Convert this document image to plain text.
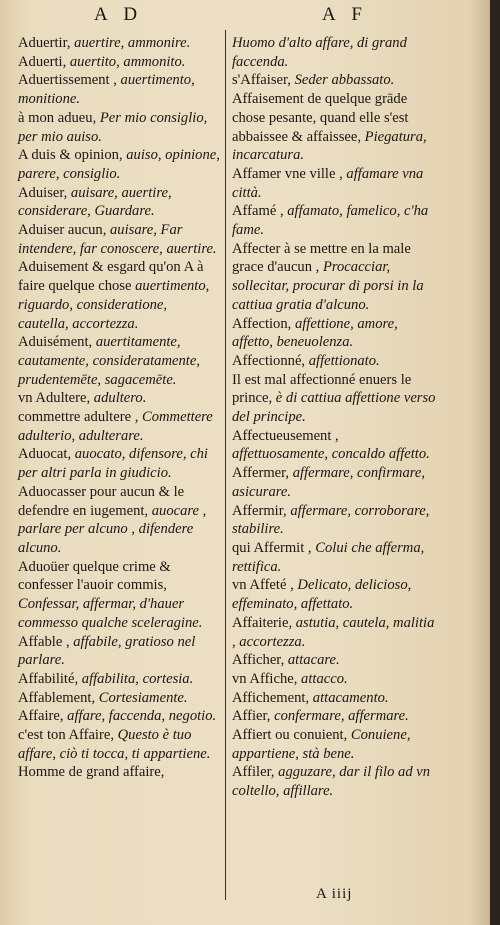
A D	A F
Aduertir, auertire, ammonire.
Aduerti, auertito, ammonito.
Aduertissement , auertimento, monitione.
à mon adueu, Per mio consiglio, per mio auiso.
A duis & opinion, auiso, opinione, parere, consiglio.
Aduiser, auisare, auertire, considerare, Guardare.
Aduiser aucun, auisare, Far intendere, far conoscere, auertire.
Aduisement & esgard qu'on A à faire quelque chose auertimento, riguardo, consideratione, cautella, accortezza.
Aduisément, auertitamente, cautamente, consideratamente, prudentemēte, sagacemēte.
vn Adultere, adultero.
commettre adultere , Commettere adulterio, adulterare.
Aduocat, auocato, difensore, chi per altri parla in giudicio.
Aduocasser pour aucun & le defendre en iugement, auocare , parlare per alcuno , difendere alcuno.
Aduoüer quelque crime & confesser l'auoir commis, Confessar, affermar, d'hauer commesso qualche sceleragine.
Affable , affabile, gratioso nel parlare.
Affabilité, affabilita, cortesia.
Affablement, Cortesiamente.
Affaire, affare, faccenda, negotio.
c'est ton Affaire, Questo è tuo affare, ciò ti tocca, ti appartiene.
Homme de grand affaire,
Huomo d'alto affare, di grand faccenda.
s'Affaiser, Seder abbassato.
Affaisement de quelque grāde chose pesante, quand elle s'est abbaissee & affaissee, Piegatura, incarcatura.
Affamer vne ville , affamare vna città.
Affamé , affamato, famelico, c'ha fame.
Affecter à se mettre en la male grace d'aucun , Procacciar, sollecitar, procurar di porsi in la cattiua gratia d'alcuno.
Affection, affettione, amore, affetto, beneuolenza.
Affectionné, affettionato.
Il est mal affectionné enuers le prince, è di cattiua affettione verso del principe.
Affectueusement , affettuosamente, concaldo affetto.
Affermer, affermare, confirmare, asicurare.
Affermir, affermare, corroborare, stabilire.
qui Affermit , Colui che afferma, rettifica.
vn Affeté , Delicato, delicioso, effeminato, affettato.
Affaiterie, astutia, cautela, malitia , accortezza.
Afficher, attacare.
vn Affiche, attacco.
Affichement, attacamento.
Affier, confermare, affermare.
Affiert ou conuient, Conuiene, appartiene, stà bene.
Affiler, agguzare, dar il filo ad vn coltello, affillare.
A iiij
